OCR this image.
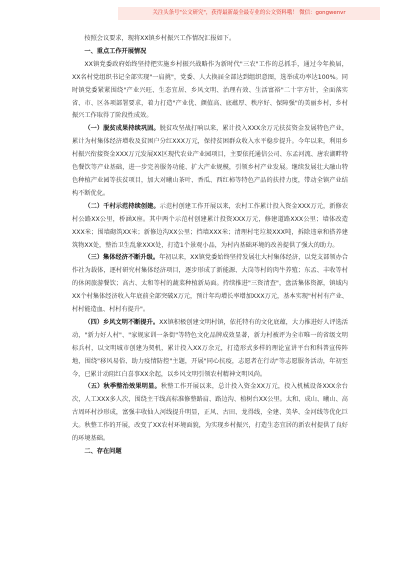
关注头条号"公文研究"，获得最新最全最专业的公文资料哦！ 微信：gongwenvr

按照会议要求，现将XX镇乡村振兴工作情况汇报如下。

一、重点工作开展情况

XX镇党委政府始终坚持把实施乡村振兴战略作为新时代"三农"工作的总抓手，通过今年换届，XX名村党组织书记全部实现"一肩挑"，党委、人大换届全部达到组织意图，选举成功率达100%。同时镇党委紧紧围绕"产业兴旺、生态宜居、乡风文明、治理有效、生活富裕"二十字方针，全面落实省、市、区各项部署要求，着力打造"产业优、颜值高、底蕴厚、秩序好、保障强"的美丽乡村，乡村振兴工作取得了阶段性成效。

（一）脱贫成果持续巩固。脱贫攻坚战打响以来，累计投入XXX余万元扶贫资金发展特色产业，累计为村集体经济增收及贫困户分红XXX万元，保持贫困群众收入水平稳步提升。今年以来，利用乡村振兴衔接资金XXX万元发展XX区现代农业产业园项目，主要依托通信公司、东孟河流、唐农湖畔特色餐饮等产业基础，进一步完善服务功能、扩大产业规模，引领乡村产业发展。继续发展壮大融山特色种植产业园等扶贫项目，加大对曦山茶叶、香瓜、西红柿等特色产品的扶持力度，带动全镇产业结构不断优化。

（二）千村示范持续创建。示范村创建工作开展以来，农村工作累计投入资金XXX万元，新修农村公路XX公里，桥涵X座。其中两个示范村创建累计投资XXX万元，修建道路XXX公里；墙体改造XXX米；围墙砌筑XX米；新修边沟XX公里；挡墙XXX米；清理村宅垃圾XXX吨，拆除违章和搭养建筑物XX处，整治卫生乱象XXX处，打造1个景观小品，为村内基础环境的改善提供了强大的助力。

（三）集体经济不断升级。年初以来，XX镇党委始终坚持发展壮大村集体经济，以党支部领办合作社为载体，逐村研究村集体经济项目，逐步形成了新能源、大岗等村的肉牛养殖；东孟、丰收等村的休闲旅游餐饮；高古、太和等村的蔬菜种植新局面。持续推进"三资清查"，盘活集体资源，镇域内XX个村集体经济收入年底前全部突破X万元，预计年均增长率增加XXX万元，基本实现"村村有产业、村村能造血、村村有提升"。

（四）乡风文明不断提升。XX镇积极创建文明村镇，依托特有的文化底蕴，大力推进好人评选活动，"新力好人村"、"家规家训一条街"等特色文化品牌成效显著，新力村被评为全市唯一的省级文明标兵村，以文明城市创建为契机，累计投入XX万余元，打造形式多样的理论宣讲平台和科普宣传阵地，围绕"移风易俗、助力疫情防控"主题，开展"同心抗疫，志愿者在行动"等志愿服务活动，年初至今，已累计动阻红白喜事XX余起，以乡风文明引领农村精神文明风尚。

（五）秋季整治效果明显。秋整工作开展以来，总计投入资金XX万元，投入机械设备XXX余台次，人工XXX多人次，围绕主干线高标准修整路肩、路边沟、植树台XX公里。太和、成山、曦山、高古周环村沙形成，富强丰收仙人河线提升明显，正风、古田、龙得线，全建、美华、金河线等优化巨大。秋整工作的开展，改变了XX农村环境面貌，为实现乡村振兴，打造生态宜居的新农村提供了良好的环境基础。

二、存在问题
